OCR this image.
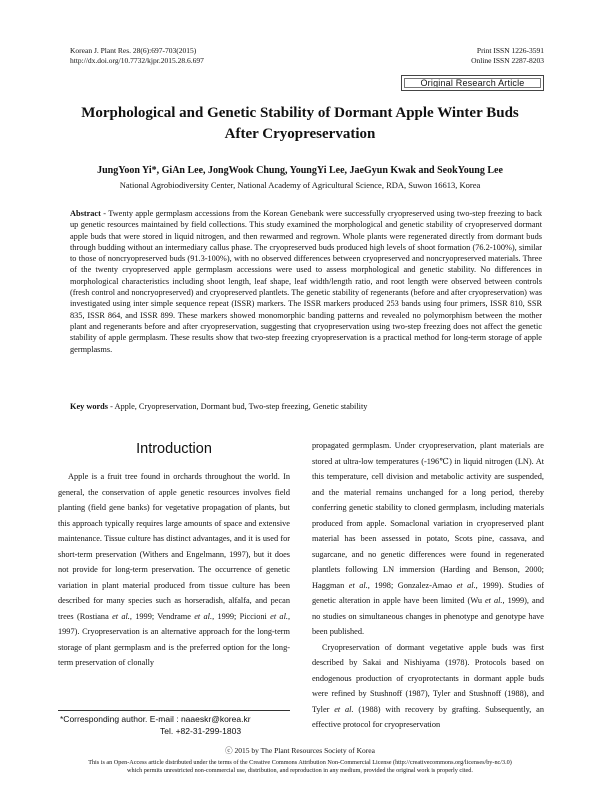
Korean J. Plant Res. 28(6):697-703(2015)
http://dx.doi.org/10.7732/kjpr.2015.28.6.697
Print ISSN 1226-3591
Online ISSN 2287-8203
Original Research Article
Morphological and Genetic Stability of Dormant Apple Winter Buds
After Cryopreservation
JungYoon Yi*, GiAn Lee, JongWook Chung, YoungYi Lee, JaeGyun Kwak and SeokYoung Lee
National Agrobiodiversity Center, National Academy of Agricultural Science, RDA, Suwon 16613, Korea
Abstract - Twenty apple germplasm accessions from the Korean Genebank were successfully cryopreserved using two-step freezing to back up genetic resources maintained by field collections. This study examined the morphological and genetic stability of cryopreserved dormant apple buds that were stored in liquid nitrogen, and then rewarmed and regrown. Whole plants were regenerated directly from dormant buds through budding without an intermediary callus phase. The cryopreserved buds produced high levels of shoot formation (76.2-100%), similar to those of noncryopreserved buds (91.3-100%), with no observed differences between cryopreserved and noncryopreserved materials. Three of the twenty cryopreserved apple germplasm accessions were used to assess morphological and genetic stability. No differences in morphological characteristics including shoot length, leaf shape, leaf width/length ratio, and root length were observed between controls (fresh control and noncryopreserved) and cryopreserved plantlets. The genetic stability of regenerants (before and after cryopreservation) was investigated using inter simple sequence repeat (ISSR) markers. The ISSR markers produced 253 bands using four primers, ISSR 810, SSR 835, ISSR 864, and ISSR 899. These markers showed monomorphic banding patterns and revealed no polymorphism between the mother plant and regenerants before and after cryopreservation, suggesting that cryopreservation using two-step freezing does not affect the genetic stability of apple germplasm. These results show that two-step freezing cryopreservation is a practical method for long-term storage of apple germplasms.
Key words - Apple, Cryopreservation, Dormant bud, Two-step freezing, Genetic stability
Introduction

Apple is a fruit tree found in orchards throughout the world. In general, the conservation of apple genetic resources involves field planting (field gene banks) for vegetative propagation of plants, but this approach typically requires large amounts of space and extensive maintenance. Tissue culture has distinct advantages, and it is used for short-term preservation (Withers and Engelmann, 1997), but it does not provide for long-term preservation. The occurrence of genetic variation in plant material produced from tissue culture has been described for many species such as horseradish, alfalfa, and pecan trees (Rostiana et al., 1999; Vendrame et al., 1999; Piccioni et al., 1997). Cryopreservation is an alternative approach for the long-term storage of plant germplasm and is the preferred option for the long-term preservation of clonally

propagated germplasm. Under cryopreservation, plant materials are stored at ultra-low temperatures (-196℃) in liquid nitrogen (LN). At this temperature, cell division and metabolic activity are suspended, and the material remains unchanged for a long period, thereby conferring genetic stability to cloned germplasm, including materials produced from apple. Somaclonal variation in cryopreserved plant material has been assessed in potato, Scots pine, cassava, and sugarcane, and no genetic differences were found in regenerated plantlets following LN immersion (Harding and Benson, 2000; Haggman et al., 1998; Gonzalez-Amao et al., 1999). Studies of genetic alteration in apple have been limited (Wu et al., 1999), and no studies on simultaneous changes in phenotype and genotype have been published.

Cryopreservation of dormant vegetative apple buds was first described by Sakai and Nishiyama (1978). Protocols based on endogenous production of cryoprotectants in dormant apple buds were refined by Stushnoff (1987), Tyler and Stushnoff (1988), and Tyler et al. (1988) with recovery by grafting. Subsequently, an effective protocol for cryopreservation

*Corresponding author. E-mail : naaeskr@korea.kr
Tel. +82-31-299-1803
ⓒ 2015 by The Plant Resources Society of Korea
This is an Open-Access article distributed under the terms of the Creative Commons Attribution Non-Commercial License (http://creativecommons.org/licenses/by-nc/3.0)
which permits unrestricted non-commercial use, distribution, and reproduction in any medium, provided the original work is properly cited.
